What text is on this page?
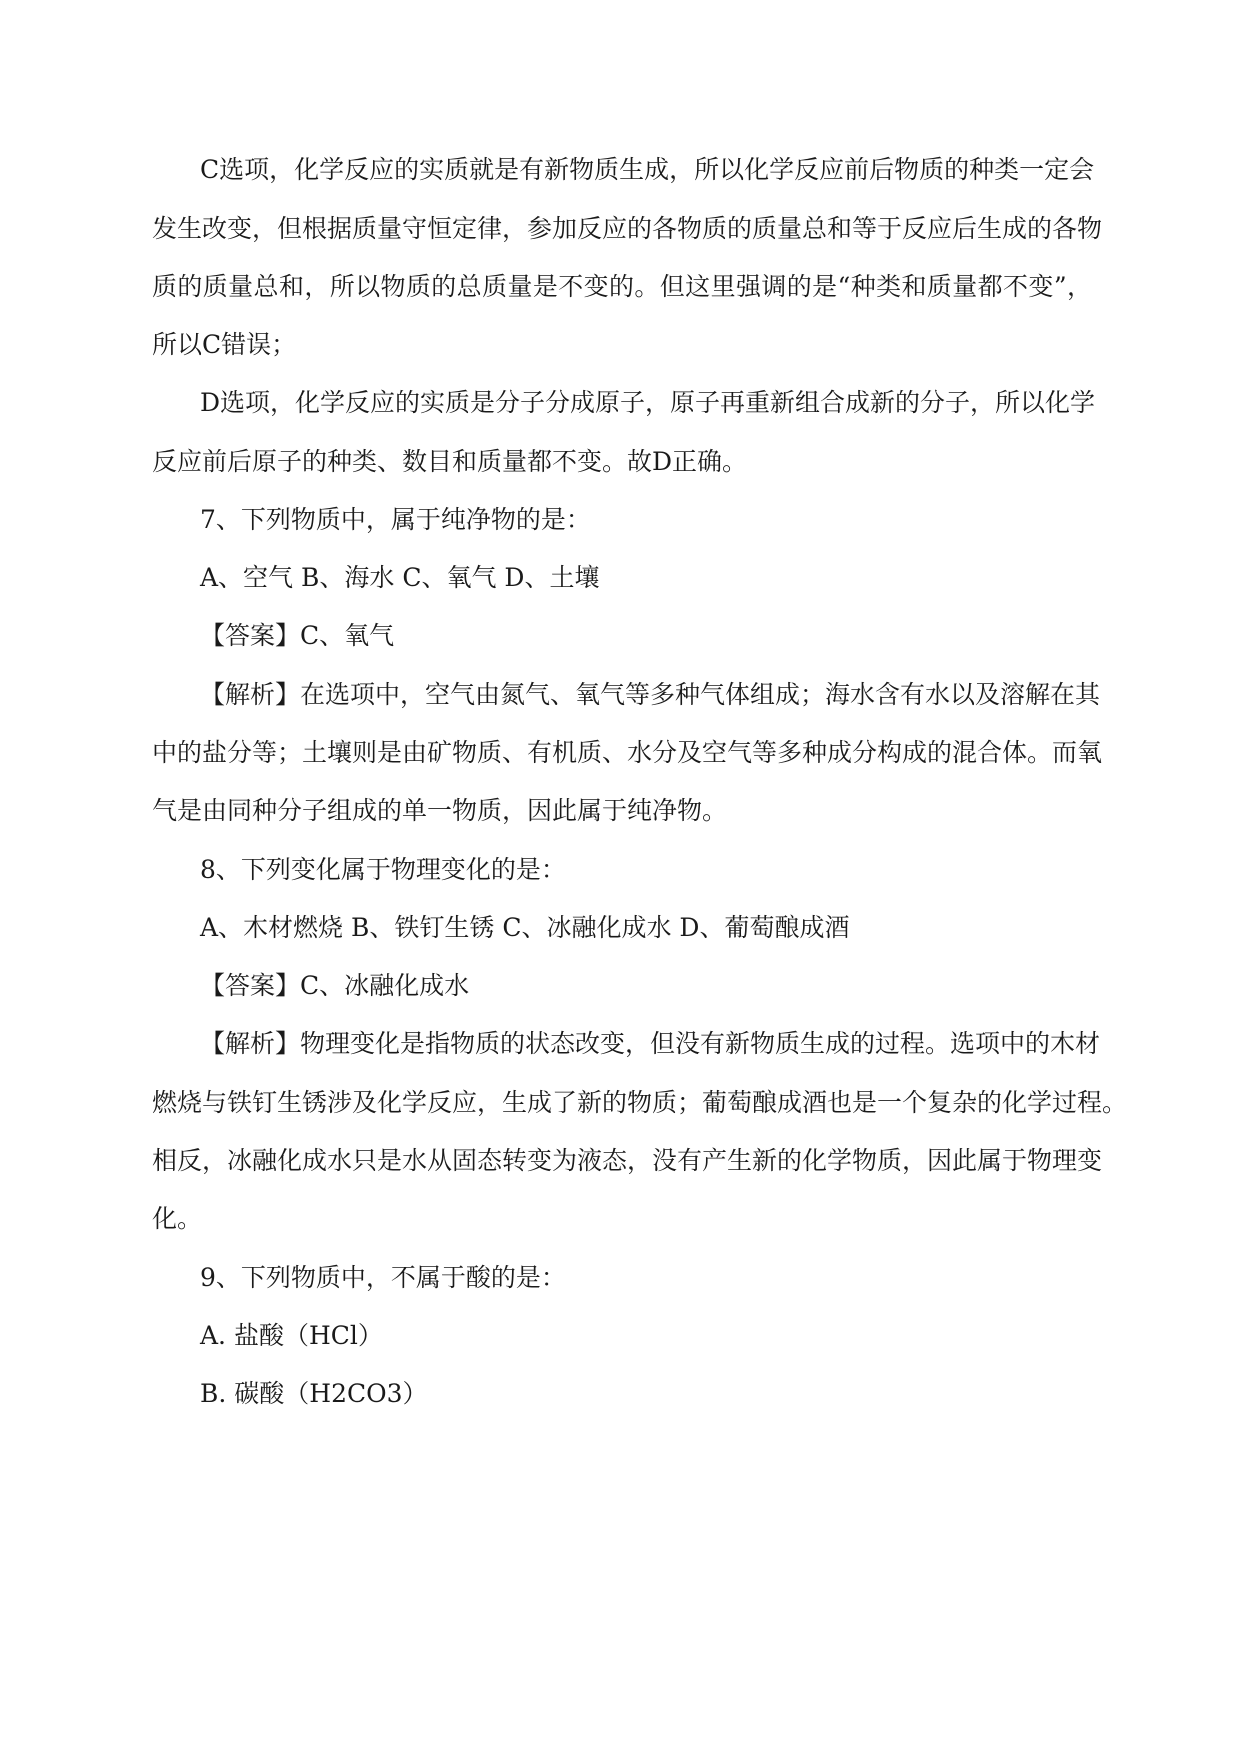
C选项，化学反应的实质就是有新物质生成，所以化学反应前后物质的种类一定会
发生改变，但根据质量守恒定律，参加反应的各物质的质量总和等于反应后生成的各物
质的质量总和，所以物质的总质量是不变的。但这里强调的是“种类和质量都不变”，
所以C错误；
D选项，化学反应的实质是分子分成原子，原子再重新组合成新的分子，所以化学
反应前后原子的种类、数目和质量都不变。故D正确。
7、下列物质中，属于纯净物的是：
A、空气 B、海水 C、氧气 D、土壤
【答案】C、氧气
【解析】在选项中，空气由氮气、氧气等多种气体组成；海水含有水以及溶解在其
中的盐分等；土壤则是由矿物质、有机质、水分及空气等多种成分构成的混合体。而氧
气是由同种分子组成的单一物质，因此属于纯净物。
8、下列变化属于物理变化的是：
A、木材燃烧 B、铁钉生锈 C、冰融化成水 D、葡萄酿成酒
【答案】C、冰融化成水
【解析】物理变化是指物质的状态改变，但没有新物质生成的过程。选项中的木材
燃烧与铁钉生锈涉及化学反应，生成了新的物质；葡萄酿成酒也是一个复杂的化学过程。
相反，冰融化成水只是水从固态转变为液态，没有产生新的化学物质，因此属于物理变
化。
9、下列物质中，不属于酸的是：
A. 盐酸（HCl）
B. 碳酸（H2CO3）
